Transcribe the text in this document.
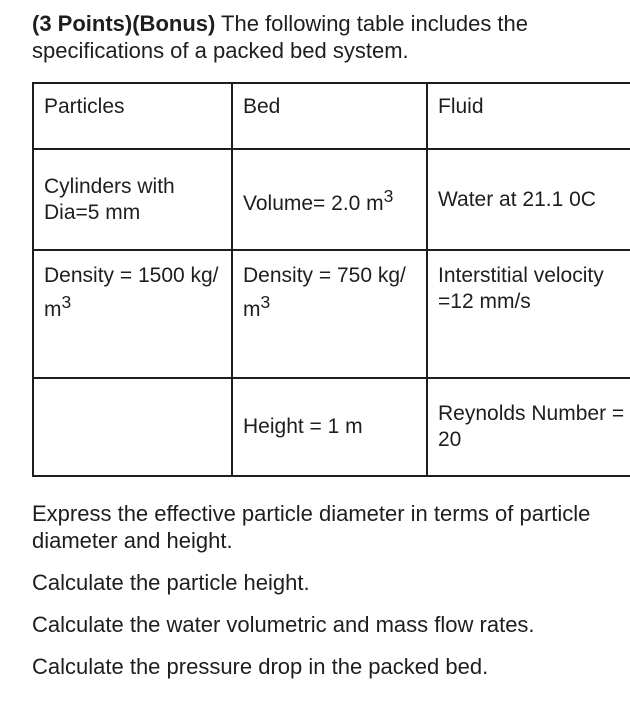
(3 Points)(Bonus) The following table includes the specifications of a packed bed system.
Particles	Bed	Fluid
Cylinders with Dia=5 mm	Volume= 2.0 $m^3$	Water at 21.1 0C
Density = 1500 kg/ $m^3$	Density = 750 kg/ $m^3$	Interstitial velocity =12 mm/s
	Height = 1 m	Reynolds Number = 20

Express the effective particle diameter in terms of particle diameter and height.

Calculate the particle height.

Calculate the water volumetric and mass flow rates.

Calculate the pressure drop in the packed bed.
